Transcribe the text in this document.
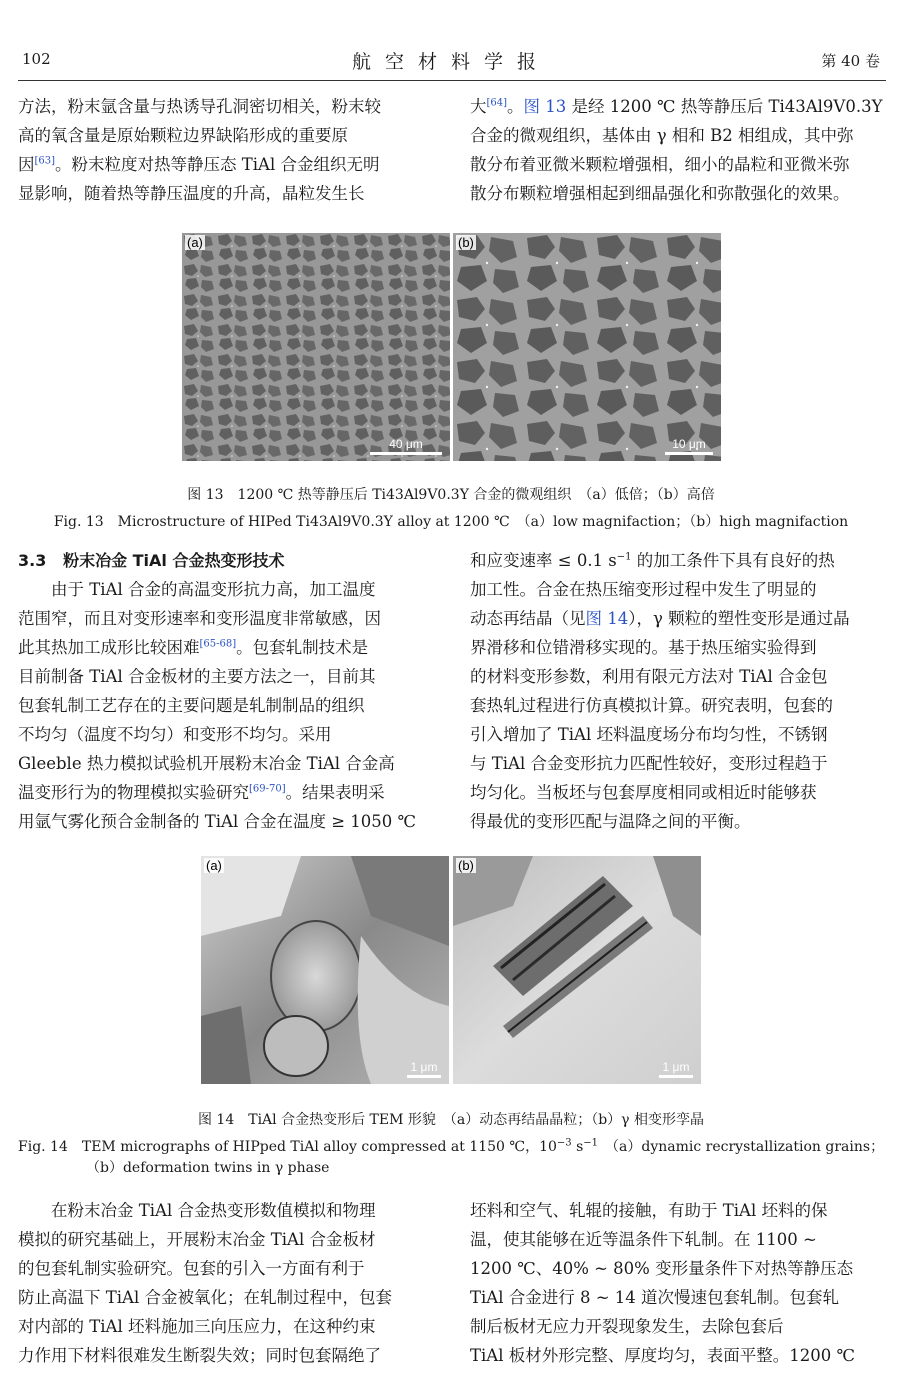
102	航空材料学报	第 40 卷

方法，粉末氩含量与热诱导孔洞密切相关，粉末较

高的氧含量是原始颗粒边界缺陷形成的重要原

因[63]。粉末粒度对热等静压态 TiAl 合金组织无明

显影响，随着热等静压温度的升高，晶粒发生长

大[64]。图 13 是经 1200 ℃ 热等静压后 Ti43Al9V0.3Y

合金的微观组织，基体由 γ 相和 B2 相组成，其中弥

散分布着亚微米颗粒增强相，细小的晶粒和亚微米弥

散分布颗粒增强相起到细晶强化和弥散强化的效果。

(a)
40 μm
(b)
10 μm
图 13　1200 ℃ 热等静压后 Ti43Al9V0.3Y 合金的微观组织　（a）低倍；（b）高倍
Fig. 13　Microstructure of HIPed Ti43Al9V0.3Y alloy at 1200 ℃　（a）low magnifaction；（b）high magnifaction

3.3 粉末冶金 TiAl 合金热变形技术

由于 TiAl 合金的高温变形抗力高，加工温度

范围窄，而且对变形速率和变形温度非常敏感，因

此其热加工成形比较困难[65-68]。包套轧制技术是

目前制备 TiAl 合金板材的主要方法之一，目前其

包套轧制工艺存在的主要问题是轧制制品的组织

不均匀（温度不均匀）和变形不均匀。采用

Gleeble 热力模拟试验机开展粉末冶金 TiAl 合金高

温变形行为的物理模拟实验研究[69-70]。结果表明采

用氩气雾化预合金制备的 TiAl 合金在温度 ≥ 1050 ℃

和应变速率 ≤ 0.1 $s^{-1}$ 的加工条件下具有良好的热

加工性。合金在热压缩变形过程中发生了明显的

动态再结晶（见图 14），γ 颗粒的塑性变形是通过晶

界滑移和位错滑移实现的。基于热压缩实验得到

的材料变形参数，利用有限元方法对 TiAl 合金包

套热轧过程进行仿真模拟计算。研究表明，包套的

引入增加了 TiAl 坯料温度场分布均匀性，不锈钢

与 TiAl 合金变形抗力匹配性较好，变形过程趋于

均匀化。当板坯与包套厚度相同或相近时能够获

得最优的变形匹配与温降之间的平衡。

(a)
1 μm
(b)
1 μm
图 14　TiAl 合金热变形后 TEM 形貌　（a）动态再结晶晶粒；（b）γ 相变形孪晶
Fig. 14　TEM micrographs of HIPped TiAl alloy compressed at 1150 ℃，$10^{-3}$ $s^{-1}$　（a）dynamic recrystallization grains；
（b）deformation twins in γ phase

在粉末冶金 TiAl 合金热变形数值模拟和物理

模拟的研究基础上，开展粉末冶金 TiAl 合金板材

的包套轧制实验研究。包套的引入一方面有利于

防止高温下 TiAl 合金被氧化；在轧制过程中，包套

对内部的 TiAl 坯料施加三向压应力，在这种约束

力作用下材料很难发生断裂失效；同时包套隔绝了

坯料和空气、轧辊的接触，有助于 TiAl 坯料的保

温，使其能够在近等温条件下轧制。在 1100 ~

1200 ℃、40% ~ 80% 变形量条件下对热等静压态

TiAl 合金进行 8 ~ 14 道次慢速包套轧制。包套轧

制后板材无应力开裂现象发生，去除包套后

TiAl 板材外形完整、厚度均匀，表面平整。1200 ℃
